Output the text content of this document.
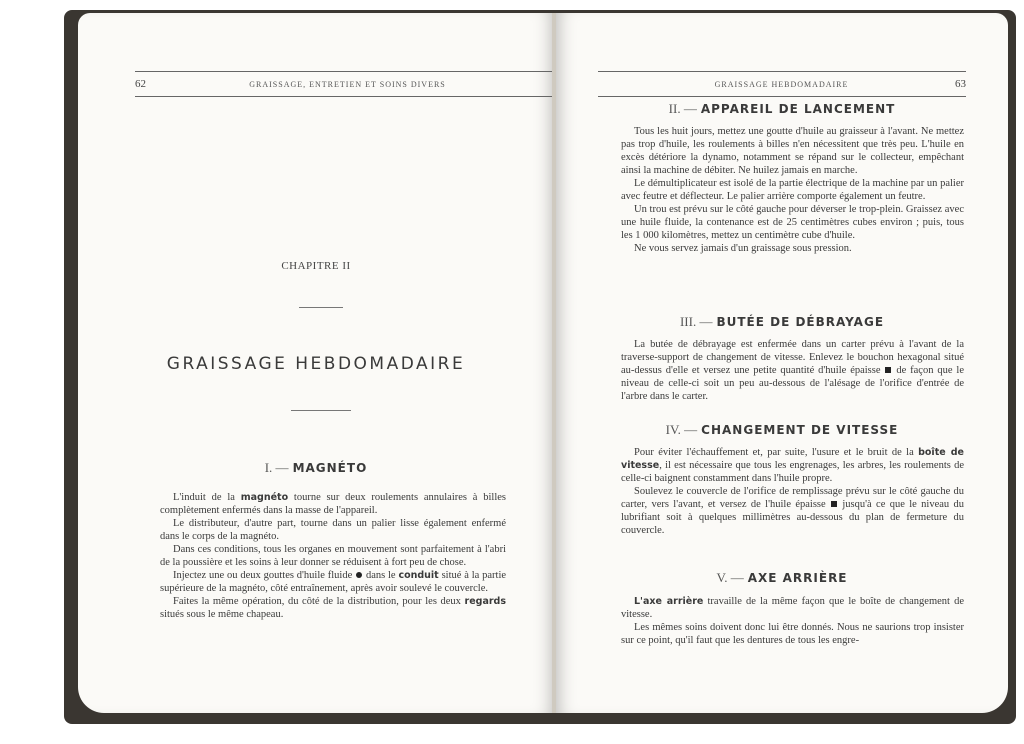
62	GRAISSAGE, ENTRETIEN ET SOINS DIVERS
CHAPITRE II
GRAISSAGE HEBDOMADAIRE
I. — MAGNÉTO

L'induit de la magnéto tourne sur deux roulements annulaires à billes complètement enfermés dans la masse de l'appareil.

Le distributeur, d'autre part, tourne dans un palier lisse également enfermé dans le corps de la magnéto.

Dans ces conditions, tous les organes en mouvement sont parfaitement à l'abri de la poussière et les soins à leur donner se réduisent à fort peu de chose.

Injectez une ou deux gouttes d'huile fluide dans le conduit situé à la partie supérieure de la magnéto, côté entraînement, après avoir soulevé le couvercle.

Faites la même opération, du côté de la distribution, pour les deux regards situés sous le même chapeau.

GRAISSAGE HEBDOMADAIRE	63
II. — APPAREIL DE LANCEMENT

Tous les huit jours, mettez une goutte d'huile au graisseur à l'avant. Ne mettez pas trop d'huile, les roulements à billes n'en nécessitent que très peu. L'huile en excès détériore la dynamo, notamment se répand sur le collecteur, empêchant ainsi la machine de débiter. Ne huilez jamais en marche.

Le démultiplicateur est isolé de la partie électrique de la machine par un palier avec feutre et déflecteur. Le palier arrière comporte également un feutre.

Un trou est prévu sur le côté gauche pour déverser le trop-plein. Graissez avec une huile fluide, la contenance est de 25 centimètres cubes environ ; puis, tous les 1 000 kilomètres, mettez un centimètre cube d'huile.

Ne vous servez jamais d'un graissage sous pression.

III. — BUTÉE DE DÉBRAYAGE

La butée de débrayage est enfermée dans un carter prévu à l'avant de la traverse-support de changement de vitesse. Enlevez le bouchon hexagonal situé au-dessus d'elle et versez une petite quantité d'huile épaisse de façon que le niveau de celle-ci soit un peu au-dessous de l'alésage de l'orifice d'entrée de l'arbre dans le carter.

IV. — CHANGEMENT DE VITESSE

Pour éviter l'échauffement et, par suite, l'usure et le bruit de la boîte de vitesse, il est nécessaire que tous les engrenages, les arbres, les roulements de celle-ci baignent constamment dans l'huile propre.

Soulevez le couvercle de l'orifice de remplissage prévu sur le côté gauche du carter, vers l'avant, et versez de l'huile épaisse jusqu'à ce que le niveau du lubrifiant soit à quelques millimètres au-dessous du plan de fermeture du couvercle.

V. — AXE ARRIÈRE

L'axe arrière travaille de la même façon que le boîte de changement de vitesse.

Les mêmes soins doivent donc lui être donnés. Nous ne saurions trop insister sur ce point, qu'il faut que les dentures de tous les engre-
